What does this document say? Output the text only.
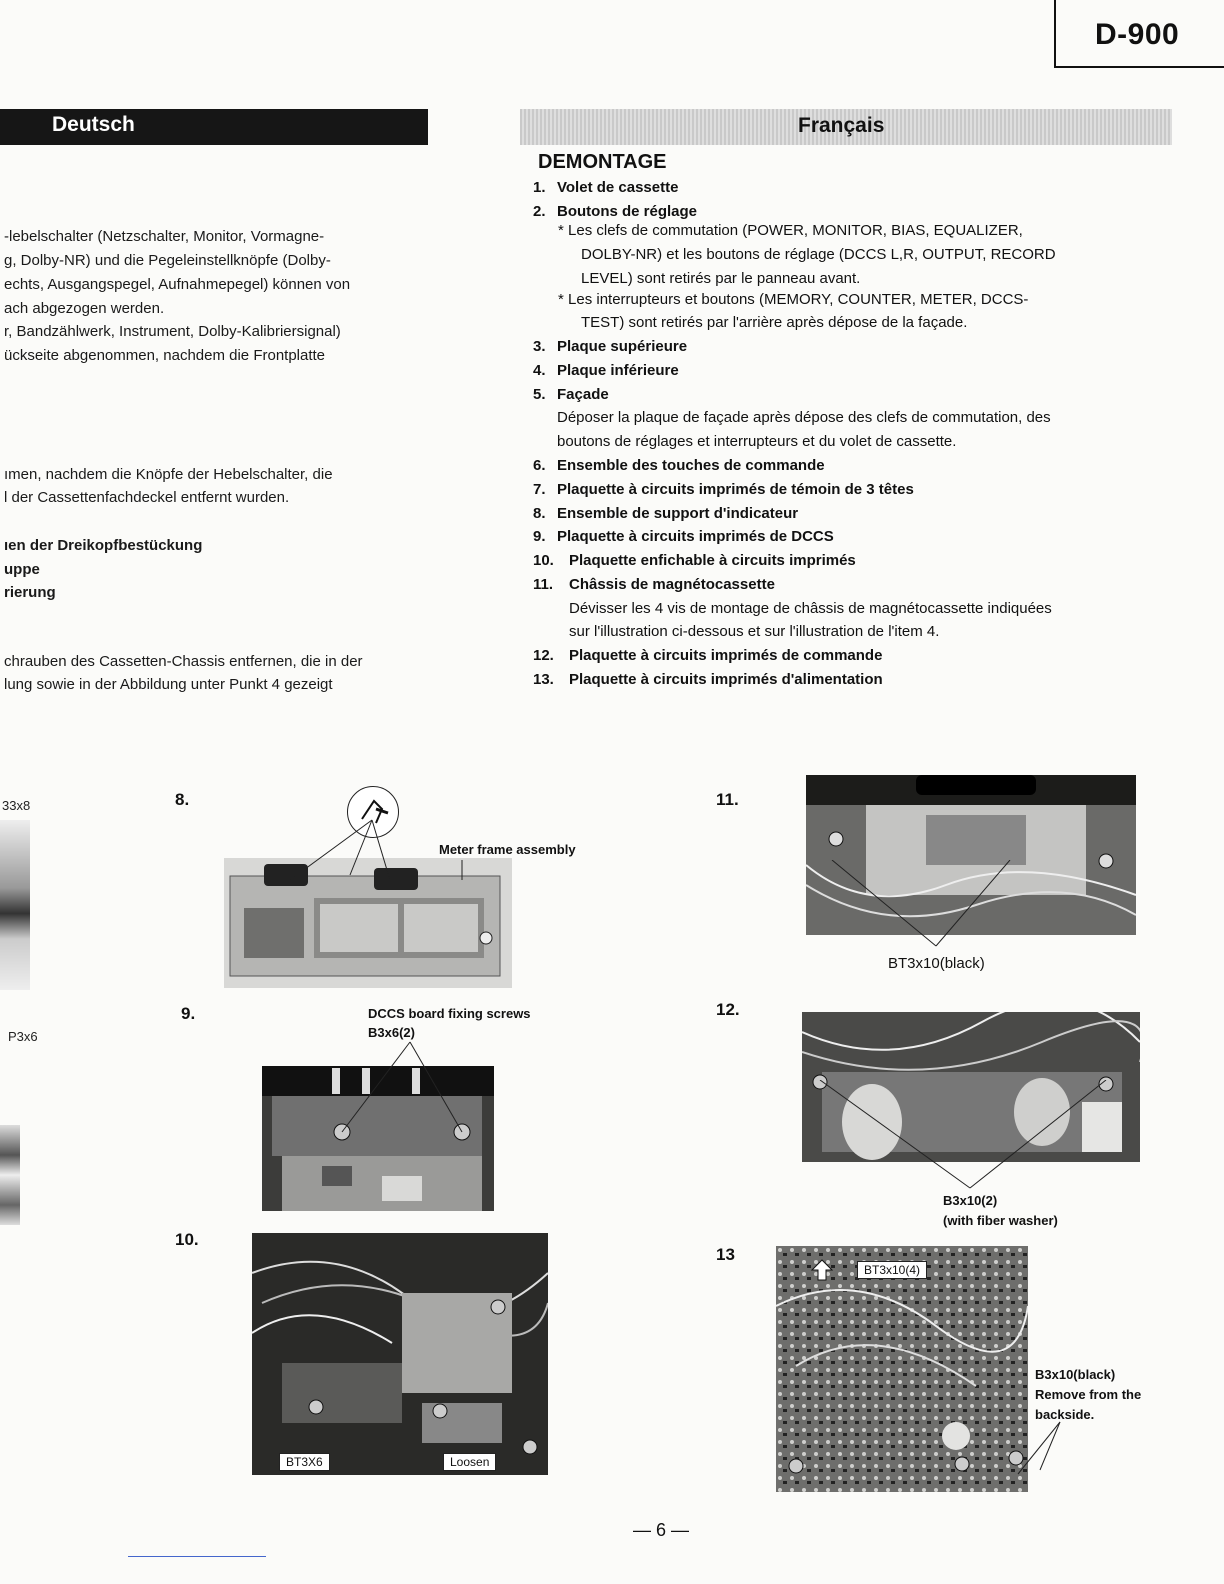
D-900
Deutsch	Français
-lebelschalter (Netzschalter, Monitor, Vormagne-
g, Dolby-NR) und die Pegeleinstellknöpfe (Dolby-
echts, Ausgangspegel, Aufnahmepegel) können von
ach abgezogen werden.
r, Bandzählwerk, Instrument, Dolby-Kalibriersignal)
ückseite abgenommen, nachdem die Frontplatte
ımen, nachdem die Knöpfe der Hebelschalter, die
l der Cassettenfachdeckel entfernt wurden.
ıen der Dreikopfbestückung
uppe
rierung
chrauben des Cassetten-Chassis entfernen, die in der
lung sowie in der Abbildung unter Punkt 4 gezeigt
33x8
P3x6
DEMONTAGE
1. Volet de cassette
2. Boutons de réglage
* Les clefs de commutation (POWER, MONITOR, BIAS, EQUALIZER,
DOLBY-NR) et les boutons de réglage (DCCS L,R, OUTPUT, RECORD
LEVEL) sont retirés par le panneau avant.
* Les interrupteurs et boutons (MEMORY, COUNTER, METER, DCCS-
TEST) sont retirés par l'arrière après dépose de la façade.
3. Plaque supérieure
4. Plaque inférieure
5. Façade
Déposer la plaque de façade après dépose des clefs de commutation, des
boutons de réglages et interrupteurs et du volet de cassette.
6. Ensemble des touches de commande
7. Plaquette à circuits imprimés de témoin de 3 têtes
8. Ensemble de support d'indicateur
9. Plaquette à circuits imprimés de DCCS
10. Plaquette enfichable à circuits imprimés
11. Châssis de magnétocassette
Dévisser les 4 vis de montage de châssis de magnétocassette indiquées
sur l'illustration ci-dessous et sur l'illustration de l'item 4.
12. Plaquette à circuits imprimés de commande
13. Plaquette à circuits imprimés d'alimentation
8.
Meter frame assembly
9.	DCCS board fixing screws
B3x6(2)
10.
BT3X6	Loosen
11.
BT3x10(black)
12.
B3x10(2)
(with fiber washer)
13
BT3x10(4)
B3x10(black)
Remove from the
backside.
— 6 —
